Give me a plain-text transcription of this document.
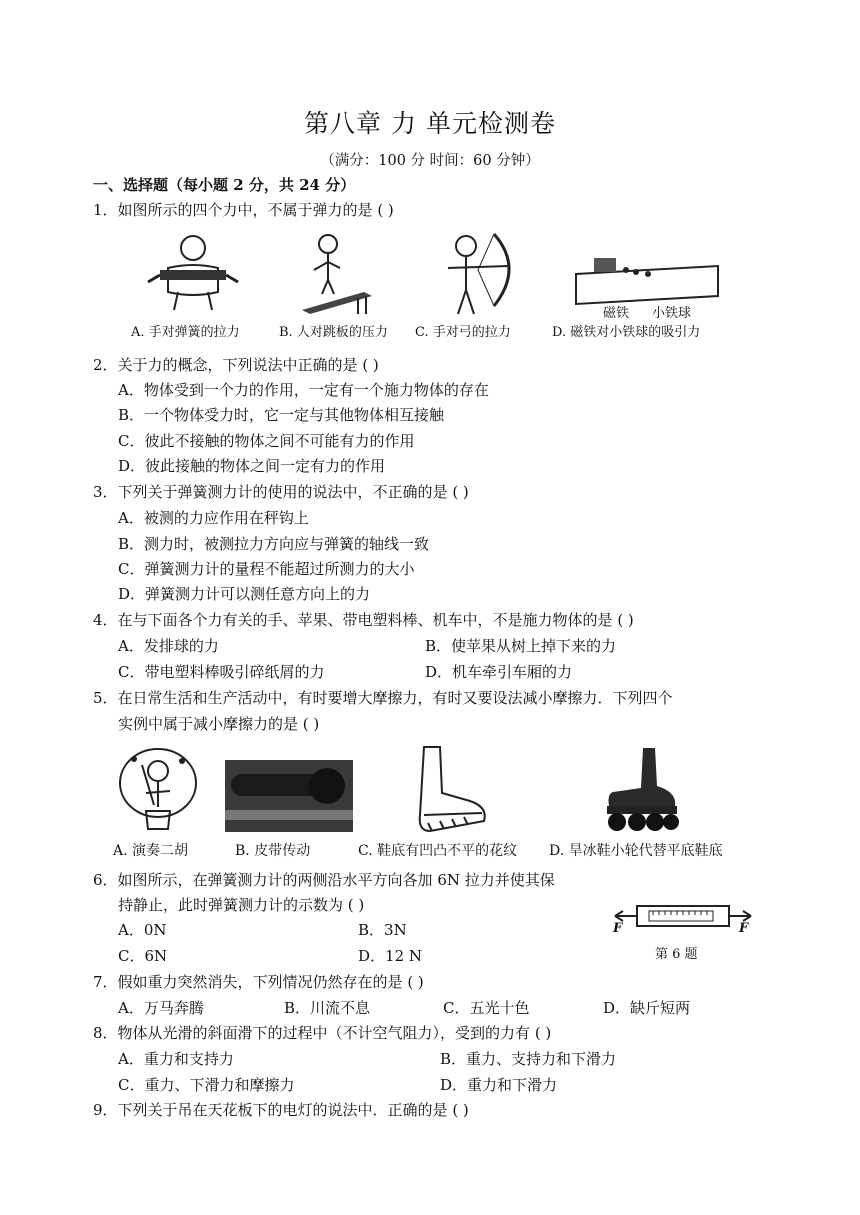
第八章 力 单元检测卷
（满分：100 分 时间：60 分钟）
一、选择题（每小题 2 分，共 24 分）
1．如图所示的四个力中，不属于弹力的是 ( )
磁铁 小铁球
A. 手对弹簧的拉力	B. 人对跳板的压力 C. 手对弓的拉力	D. 磁铁对小铁球的吸引力
2．关于力的概念，下列说法中正确的是 ( )
A．物体受到一个力的作用，一定有一个施力物体的存在
B．一个物体受力时，它一定与其他物体相互接触
C．彼此不接触的物体之间不可能有力的作用
D．彼此接触的物体之间一定有力的作用
3．下列关于弹簧测力计的使用的说法中，不正确的是 ( )
A．被测的力应作用在秤钩上
B．测力时，被测拉力方向应与弹簧的轴线一致
C．弹簧测力计的量程不能超过所测力的大小
D．弹簧测力计可以测任意方向上的力
4．在与下面各个力有关的手、苹果、带电塑料棒、机车中，不是施力物体的是 ( )
A．发排球的力	B．使苹果从树上掉下来的力
C．带电塑料棒吸引碎纸屑的力	D．机车牵引车厢的力
5．在日常生活和生产活动中，有时要增大摩擦力，有时又要设法减小摩擦力．下列四个
实例中属于减小摩擦力的是 ( )
A. 演奏二胡	B. 皮带传动	C. 鞋底有凹凸不平的花纹 D. 旱冰鞋小轮代替平底鞋底
6．如图所示，在弹簧测力计的两侧沿水平方向各加 6N 拉力并使其保
持静止，此时弹簧测力计的示数为 ( )
A．0N	B．3N
C．6N	D．12 N
F	F
第 6 题
7．假如重力突然消失，下列情况仍然存在的是 ( )
A．万马奔腾	B．川流不息	C．五光十色	D．缺斤短两
8．物体从光滑的斜面滑下的过程中（不计空气阻力），受到的力有 ( )
A．重力和支持力	B．重力、支持力和下滑力
C．重力、下滑力和摩擦力	D．重力和下滑力
9．下列关于吊在天花板下的电灯的说法中．正确的是 ( )
